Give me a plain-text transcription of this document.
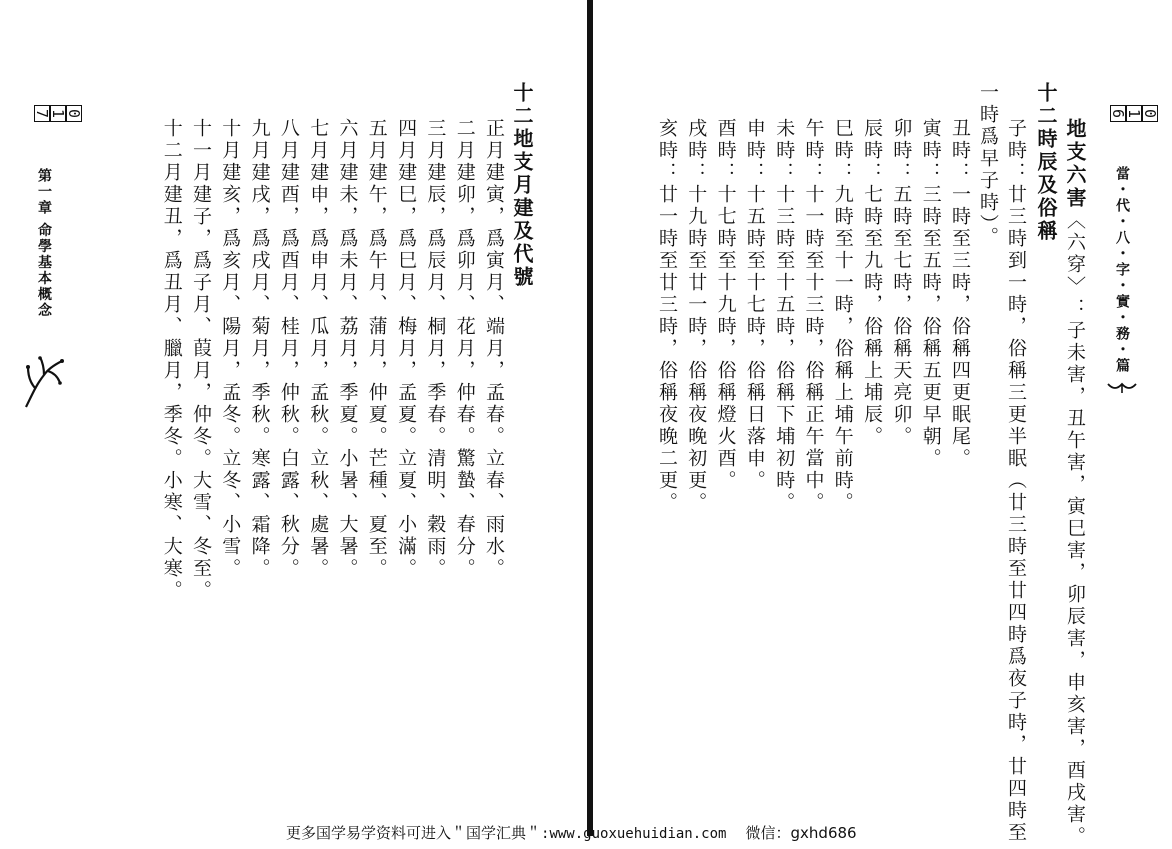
0
1
7
第一章 命學基本概念	十二地支月建及代號
正月建寅，爲寅月、端月，孟春。立春、雨水。
二月建卯，爲卯月、花月，仲春。驚蟄、春分。
三月建辰，爲辰月、桐月，季春。清明、穀雨。
四月建巳，爲巳月、梅月，孟夏。立夏、小滿。
五月建午，爲午月、蒲月，仲夏。芒種、夏至。
六月建未，爲未月、荔月，季夏。小暑、大暑。
七月建申，爲申月、瓜月，孟秋。立秋、處暑。
八月建酉，爲酉月、桂月，仲秋。白露、秋分。
九月建戌，爲戌月、菊月，季秋。寒露、霜降。
十月建亥，爲亥月、陽月，孟冬。立冬、小雪。
十一月建子，爲子月、葭月，仲冬。大雪、冬至。
十二月建丑，爲丑月、臘月，季冬。小寒、大寒。
0
1
6
當・代・八・字・實・務・篇
地支六害
〈六穿〉：子未害，丑午害，寅巳害，卯辰害，申亥害，酉戌害。
十二時辰及俗稱
子時：廿三時到一時，俗稱三更半眠（廿三時至廿四時爲夜子時，廿四時至
一時爲早子時）。
丑時：一時至三時，俗稱四更眠尾。
寅時：三時至五時，俗稱五更早朝。
卯時：五時至七時，俗稱天亮卯。
辰時：七時至九時，俗稱上埔辰。
巳時：九時至十一時，俗稱上埔午前時。
午時：十一時至十三時，俗稱正午當中。
未時：十三時至十五時，俗稱下埔初時。
申時：十五時至十七時，俗稱日落申。
酉時：十七時至十九時，俗稱燈火酉。
戌時：十九時至廿一時，俗稱夜晚初更。
亥時：廿一時至廿三時，俗稱夜晚二更。
更多国学易学资料可进入＂国学汇典＂:www.guoxuehuidian.com 微信：gxhd686
